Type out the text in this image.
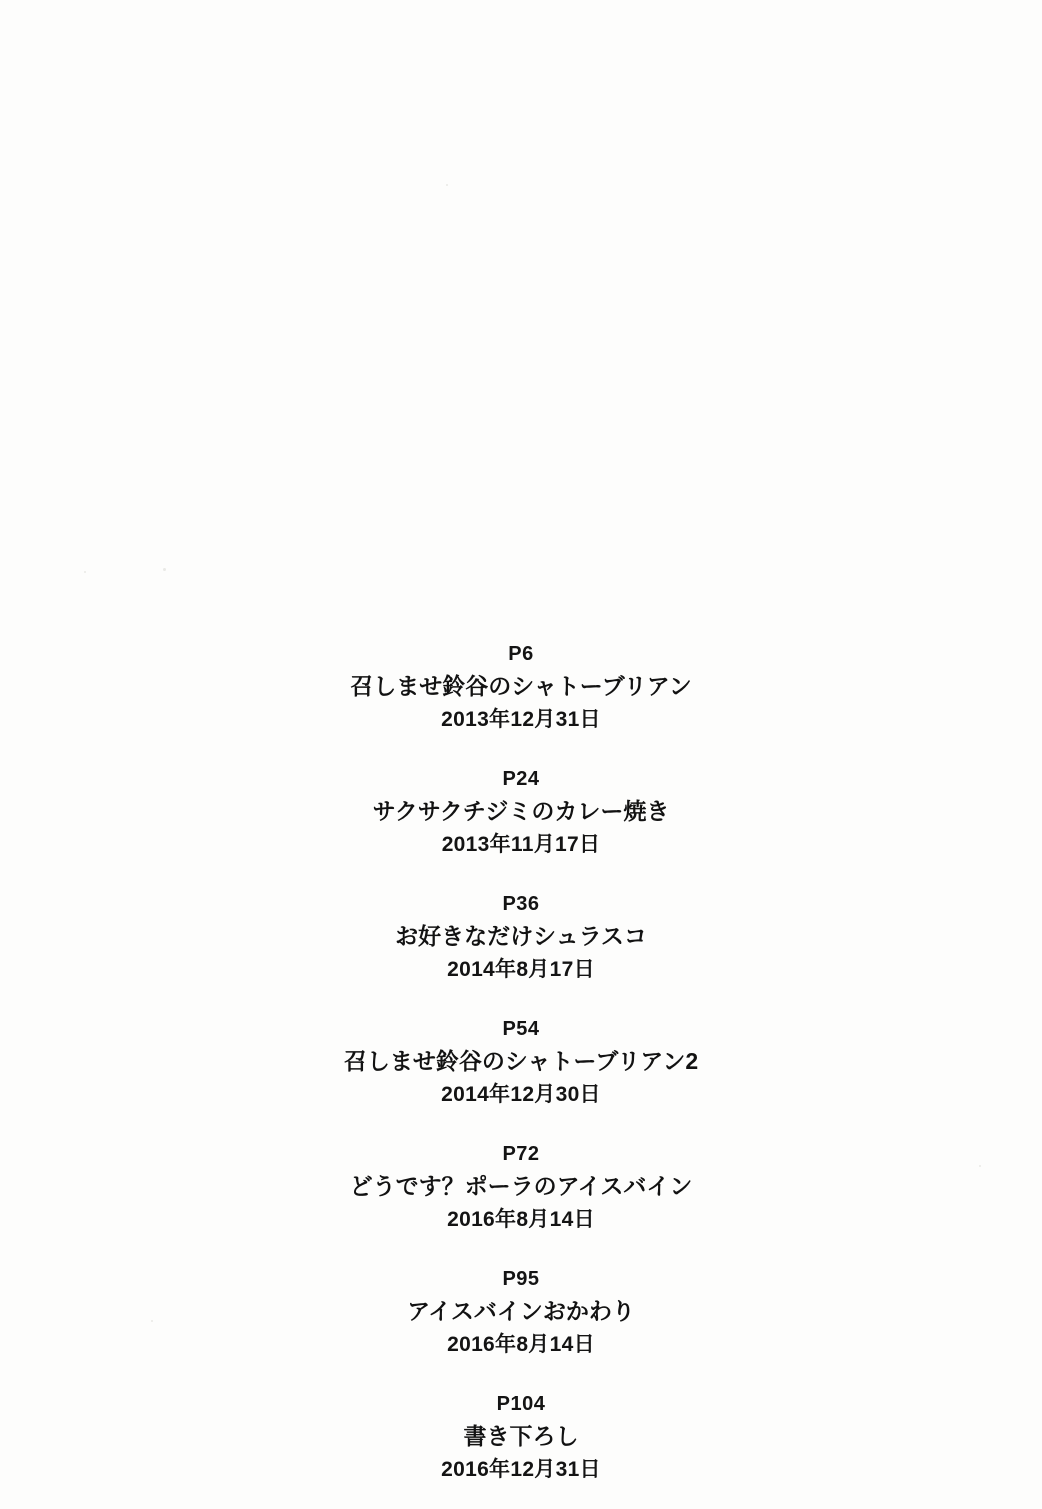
P6
召しませ鈴谷のシャトーブリアン
2013年12月31日
P24
サクサクチジミのカレー焼き
2013年11月17日
P36
お好きなだけシュラスコ
2014年8月17日
P54
召しませ鈴谷のシャトーブリアン2
2014年12月30日
P72
どうです？ポーラのアイスバイン
2016年8月14日
P95
アイスバインおかわり
2016年8月14日
P104
書き下ろし
2016年12月31日
